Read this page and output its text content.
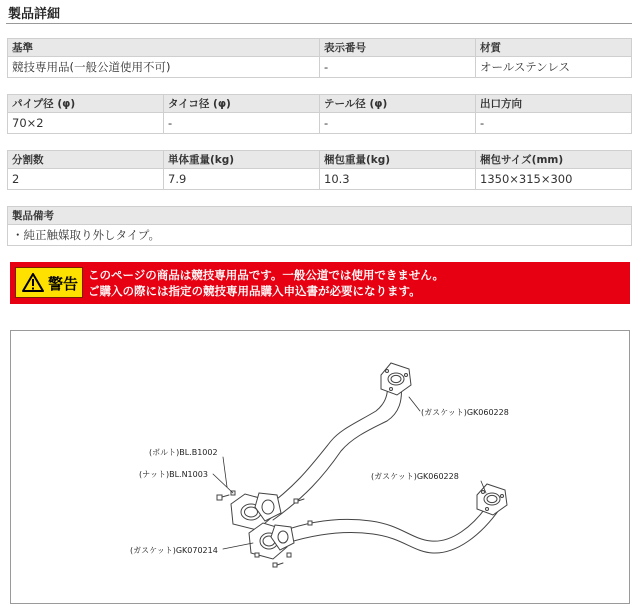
製品詳細
基準	表示番号	材質
競技専用品(一般公道使用不可)	-	オールステンレス
パイプ径 (φ)	タイコ径 (φ)	テール径 (φ)	出口方向
70×2	-	-	-
分割数	単体重量(kg)	梱包重量(kg)	梱包サイズ(mm)
2	7.9	10.3	1350×315×300
製品備考
・純正触媒取り外しタイプ。
警告 このページの商品は競技専用品です。一般公道では使用できません。
ご購入の際には指定の競技専用品購入申込書が必要になります。
(ガスケット)GK060228
(ガスケット)GK060228
(ボルト)BL.B1002
(ナット)BL.N1003
(ガスケット)GK070214
